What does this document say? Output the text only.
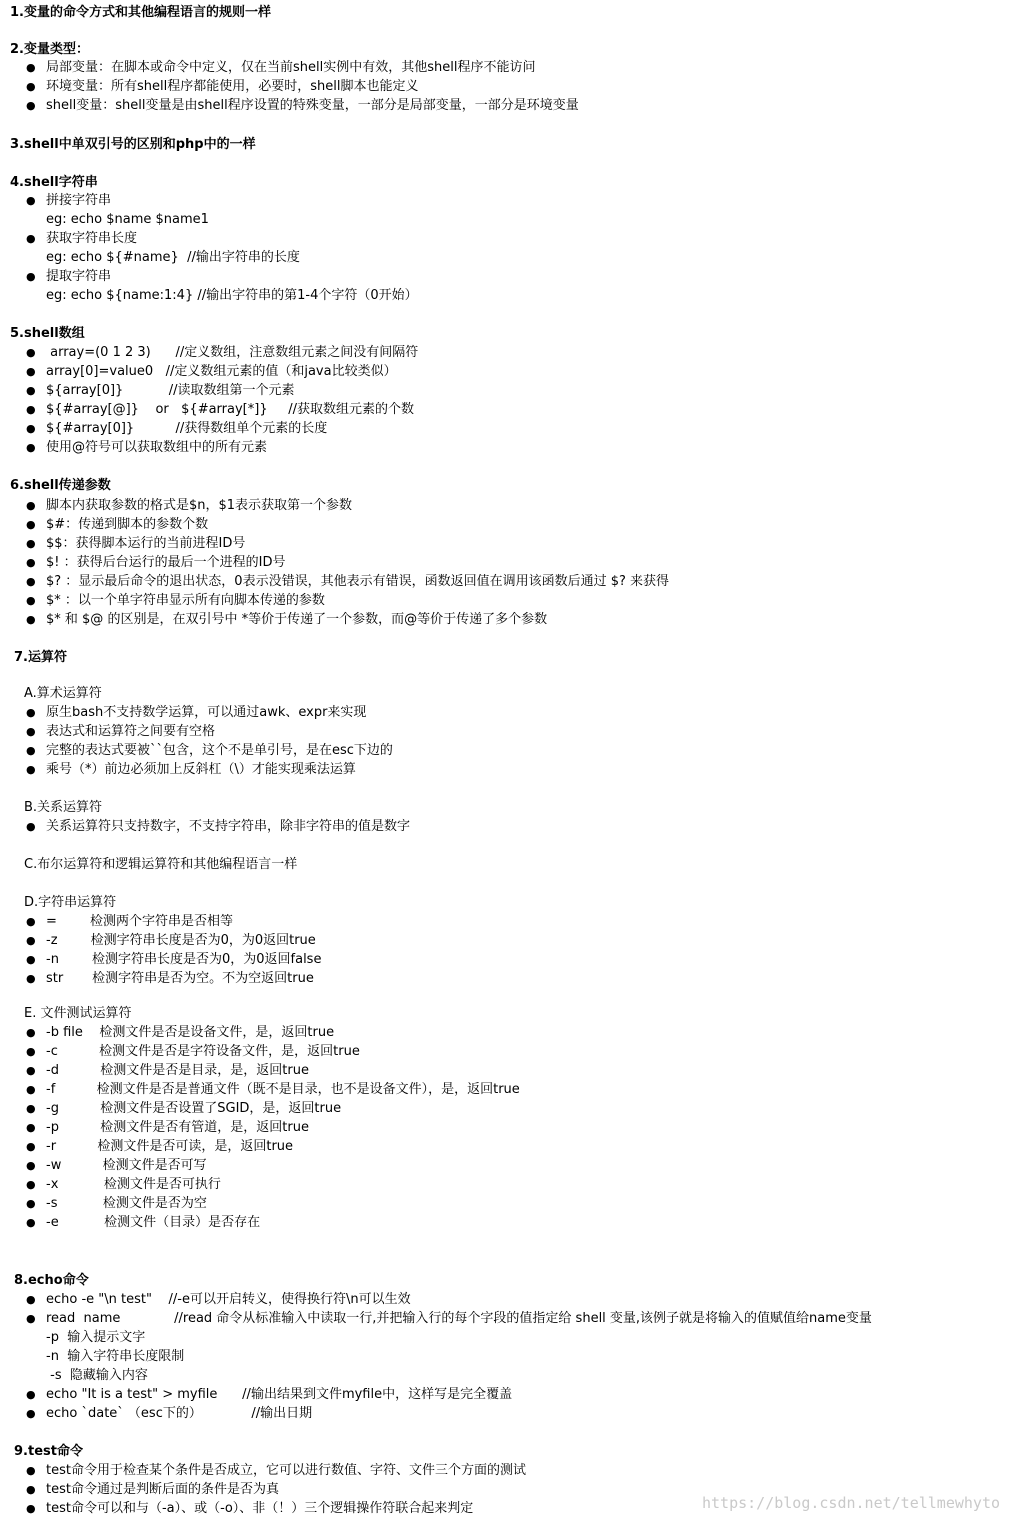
1.变量的命令方式和其他编程语言的规则一样
2.变量类型：
局部变量：在脚本或命令中定义，仅在当前shell实例中有效，其他shell程序不能访问
●
环境变量：所有shell程序都能使用，必要时，shell脚本也能定义
●
shell变量：shell变量是由shell程序设置的特殊变量，一部分是局部变量，一部分是环境变量
●
3.shell中单双引号的区别和php中的一样
4.shell字符串
拼接字符串
●
eg: echo $name $name1
获取字符串长度
●
eg: echo ${#name}  //输出字符串的长度
提取字符串
●
eg: echo ${name:1:4} //输出字符串的第1-4个字符（0开始）
5.shell数组
array=(0 1 2 3)      //定义数组，注意数组元素之间没有间隔符
●
array[0]=value0   //定义数组元素的值（和java比较类似）
●
${array[0]}           //读取数组第一个元素
●
${#array[@]}    or   ${#array[*]}     //获取数组元素的个数
●
${#array[0]}          //获得数组单个元素的长度
●
使用@符号可以获取数组中的所有元素
●
6.shell传递参数
脚本内获取参数的格式是$n，$1表示获取第一个参数
●
$#：传递到脚本的参数个数
●
$$：获得脚本运行的当前进程ID号
●
$! ：获得后台运行的最后一个进程的ID号
●
$? ：显示最后命令的退出状态，0表示没错误，其他表示有错误，函数返回值在调用该函数后通过 $? 来获得
●
$* ：以一个单字符串显示所有向脚本传递的参数
●
$* 和 $@ 的区别是，在双引号中 *等价于传递了一个参数，而@等价于传递了多个参数
●
7.运算符
A.算术运算符
原生bash不支持数学运算，可以通过awk、expr来实现
●
表达式和运算符之间要有空格
●
完整的表达式要被``包含，这个不是单引号，是在esc下边的
●
乘号（*）前边必须加上反斜杠（\）才能实现乘法运算
●
B.关系运算符
关系运算符只支持数字，不支持字符串，除非字符串的值是数字
●
C.布尔运算符和逻辑运算符和其他编程语言一样
D.字符串运算符
=        检测两个字符串是否相等
●
-z        检测字符串长度是否为0，为0返回true
●
-n        检测字符串长度是否为0，为0返回false
●
str       检测字符串是否为空。不为空返回true
●
E. 文件测试运算符
-b file    检测文件是否是设备文件，是，返回true
●
-c          检测文件是否是字符设备文件，是，返回true
●
-d          检测文件是否是目录，是，返回true
●
-f          检测文件是否是普通文件（既不是目录，也不是设备文件），是，返回true
●
-g          检测文件是否设置了SGID，是，返回true
●
-p          检测文件是否有管道，是，返回true
●
-r          检测文件是否可读，是，返回true
●
-w          检测文件是否可写
●
-x           检测文件是否可执行
●
-s           检测文件是否为空
●
-e           检测文件（目录）是否存在
●
8.echo命令
echo -e "\n test"    //-e可以开启转义，使得换行符\n可以生效
●
read  name             //read 命令从标准输入中读取一行,并把输入行的每个字段的值指定给 shell 变量,该例子就是将输入的值赋值给name变量
●
-p  输入提示文字
-n  输入字符串长度限制
-s  隐藏输入内容
echo "It is a test" > myfile      //输出结果到文件myfile中，这样写是完全覆盖
●
echo `date` （esc下的）            //输出日期
●
9.test命令
test命令用于检查某个条件是否成立，它可以进行数值、字符、文件三个方面的测试
●
test命令通过是判断后面的条件是否为真
●
test命令可以和与（-a）、或（-o）、非（！）三个逻辑操作符联合起来判定
●	https://blog.csdn.net/tellmewhyto
